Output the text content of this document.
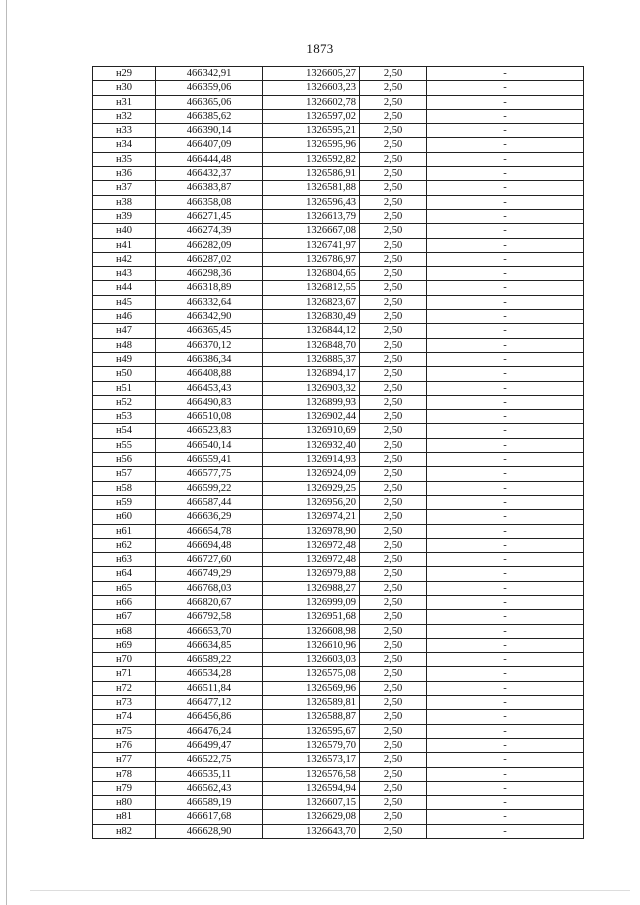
1873
н29	466342,91	1326605,27	2,50	-
н30	466359,06	1326603,23	2,50	-
н31	466365,06	1326602,78	2,50	-
н32	466385,62	1326597,02	2,50	-
н33	466390,14	1326595,21	2,50	-
н34	466407,09	1326595,96	2,50	-
н35	466444,48	1326592,82	2,50	-
н36	466432,37	1326586,91	2,50	-
н37	466383,87	1326581,88	2,50	-
н38	466358,08	1326596,43	2,50	-
н39	466271,45	1326613,79	2,50	-
н40	466274,39	1326667,08	2,50	-
н41	466282,09	1326741,97	2,50	-
н42	466287,02	1326786,97	2,50	-
н43	466298,36	1326804,65	2,50	-
н44	466318,89	1326812,55	2,50	-
н45	466332,64	1326823,67	2,50	-
н46	466342,90	1326830,49	2,50	-
н47	466365,45	1326844,12	2,50	-
н48	466370,12	1326848,70	2,50	-
н49	466386,34	1326885,37	2,50	-
н50	466408,88	1326894,17	2,50	-
н51	466453,43	1326903,32	2,50	-
н52	466490,83	1326899,93	2,50	-
н53	466510,08	1326902,44	2,50	-
н54	466523,83	1326910,69	2,50	-
н55	466540,14	1326932,40	2,50	-
н56	466559,41	1326914,93	2,50	-
н57	466577,75	1326924,09	2,50	-
н58	466599,22	1326929,25	2,50	-
н59	466587,44	1326956,20	2,50	-
н60	466636,29	1326974,21	2,50	-
н61	466654,78	1326978,90	2,50	-
н62	466694,48	1326972,48	2,50	-
н63	466727,60	1326972,48	2,50	-
н64	466749,29	1326979,88	2,50	-
н65	466768,03	1326988,27	2,50	-
н66	466820,67	1326999,09	2,50	-
н67	466792,58	1326951,68	2,50	-
н68	466653,70	1326608,98	2,50	-
н69	466634,85	1326610,96	2,50	-
н70	466589,22	1326603,03	2,50	-
н71	466534,28	1326575,08	2,50	-
н72	466511,84	1326569,96	2,50	-
н73	466477,12	1326589,81	2,50	-
н74	466456,86	1326588,87	2,50	-
н75	466476,24	1326595,67	2,50	-
н76	466499,47	1326579,70	2,50	-
н77	466522,75	1326573,17	2,50	-
н78	466535,11	1326576,58	2,50	-
н79	466562,43	1326594,94	2,50	-
н80	466589,19	1326607,15	2,50	-
н81	466617,68	1326629,08	2,50	-
н82	466628,90	1326643,70	2,50	-
